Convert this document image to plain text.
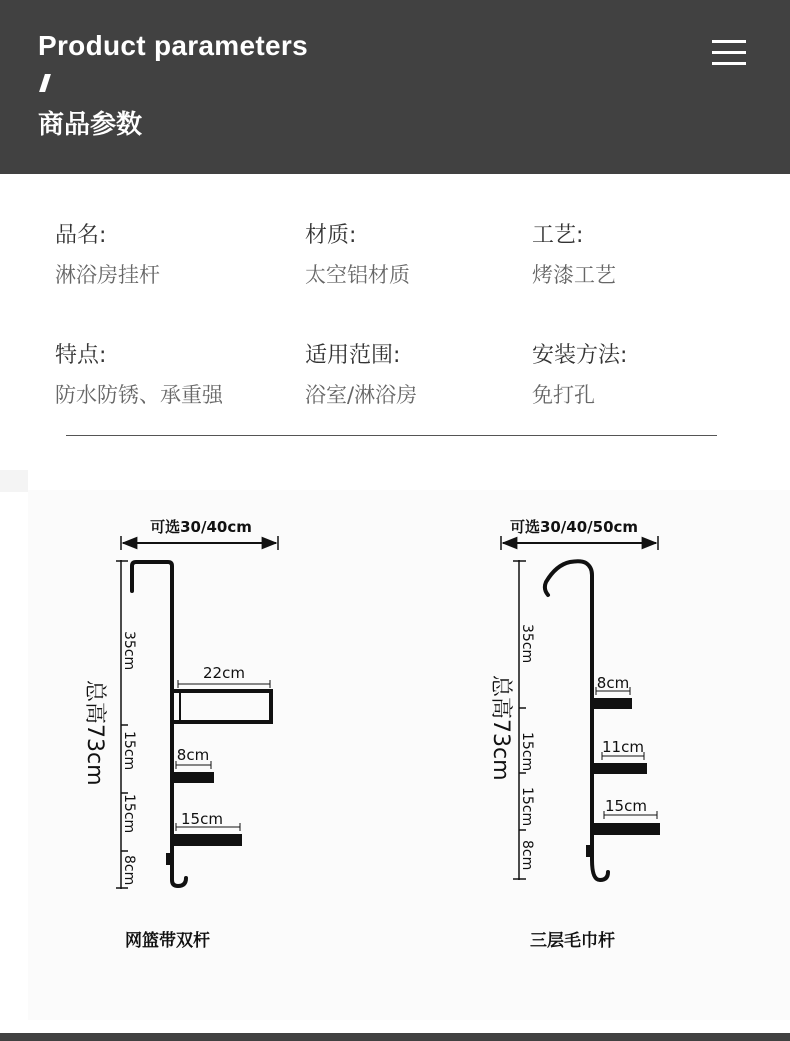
Product parameters
商品参数
品名:
淋浴房挂杆
材质:
太空铝材质
工艺:
烤漆工艺
特点:
防水防锈、承重强
适用范围:
浴室/淋浴房
安装方法:
免打孔
可选30/40cm
35cm
15cm
15cm
8cm
总高73cm
22cm
8cm
15cm
可选30/40/50cm
35cm
15cm
15cm
8cm
总高73cm	8cm
11cm
15cm
网篮带双杆	三层毛巾杆
